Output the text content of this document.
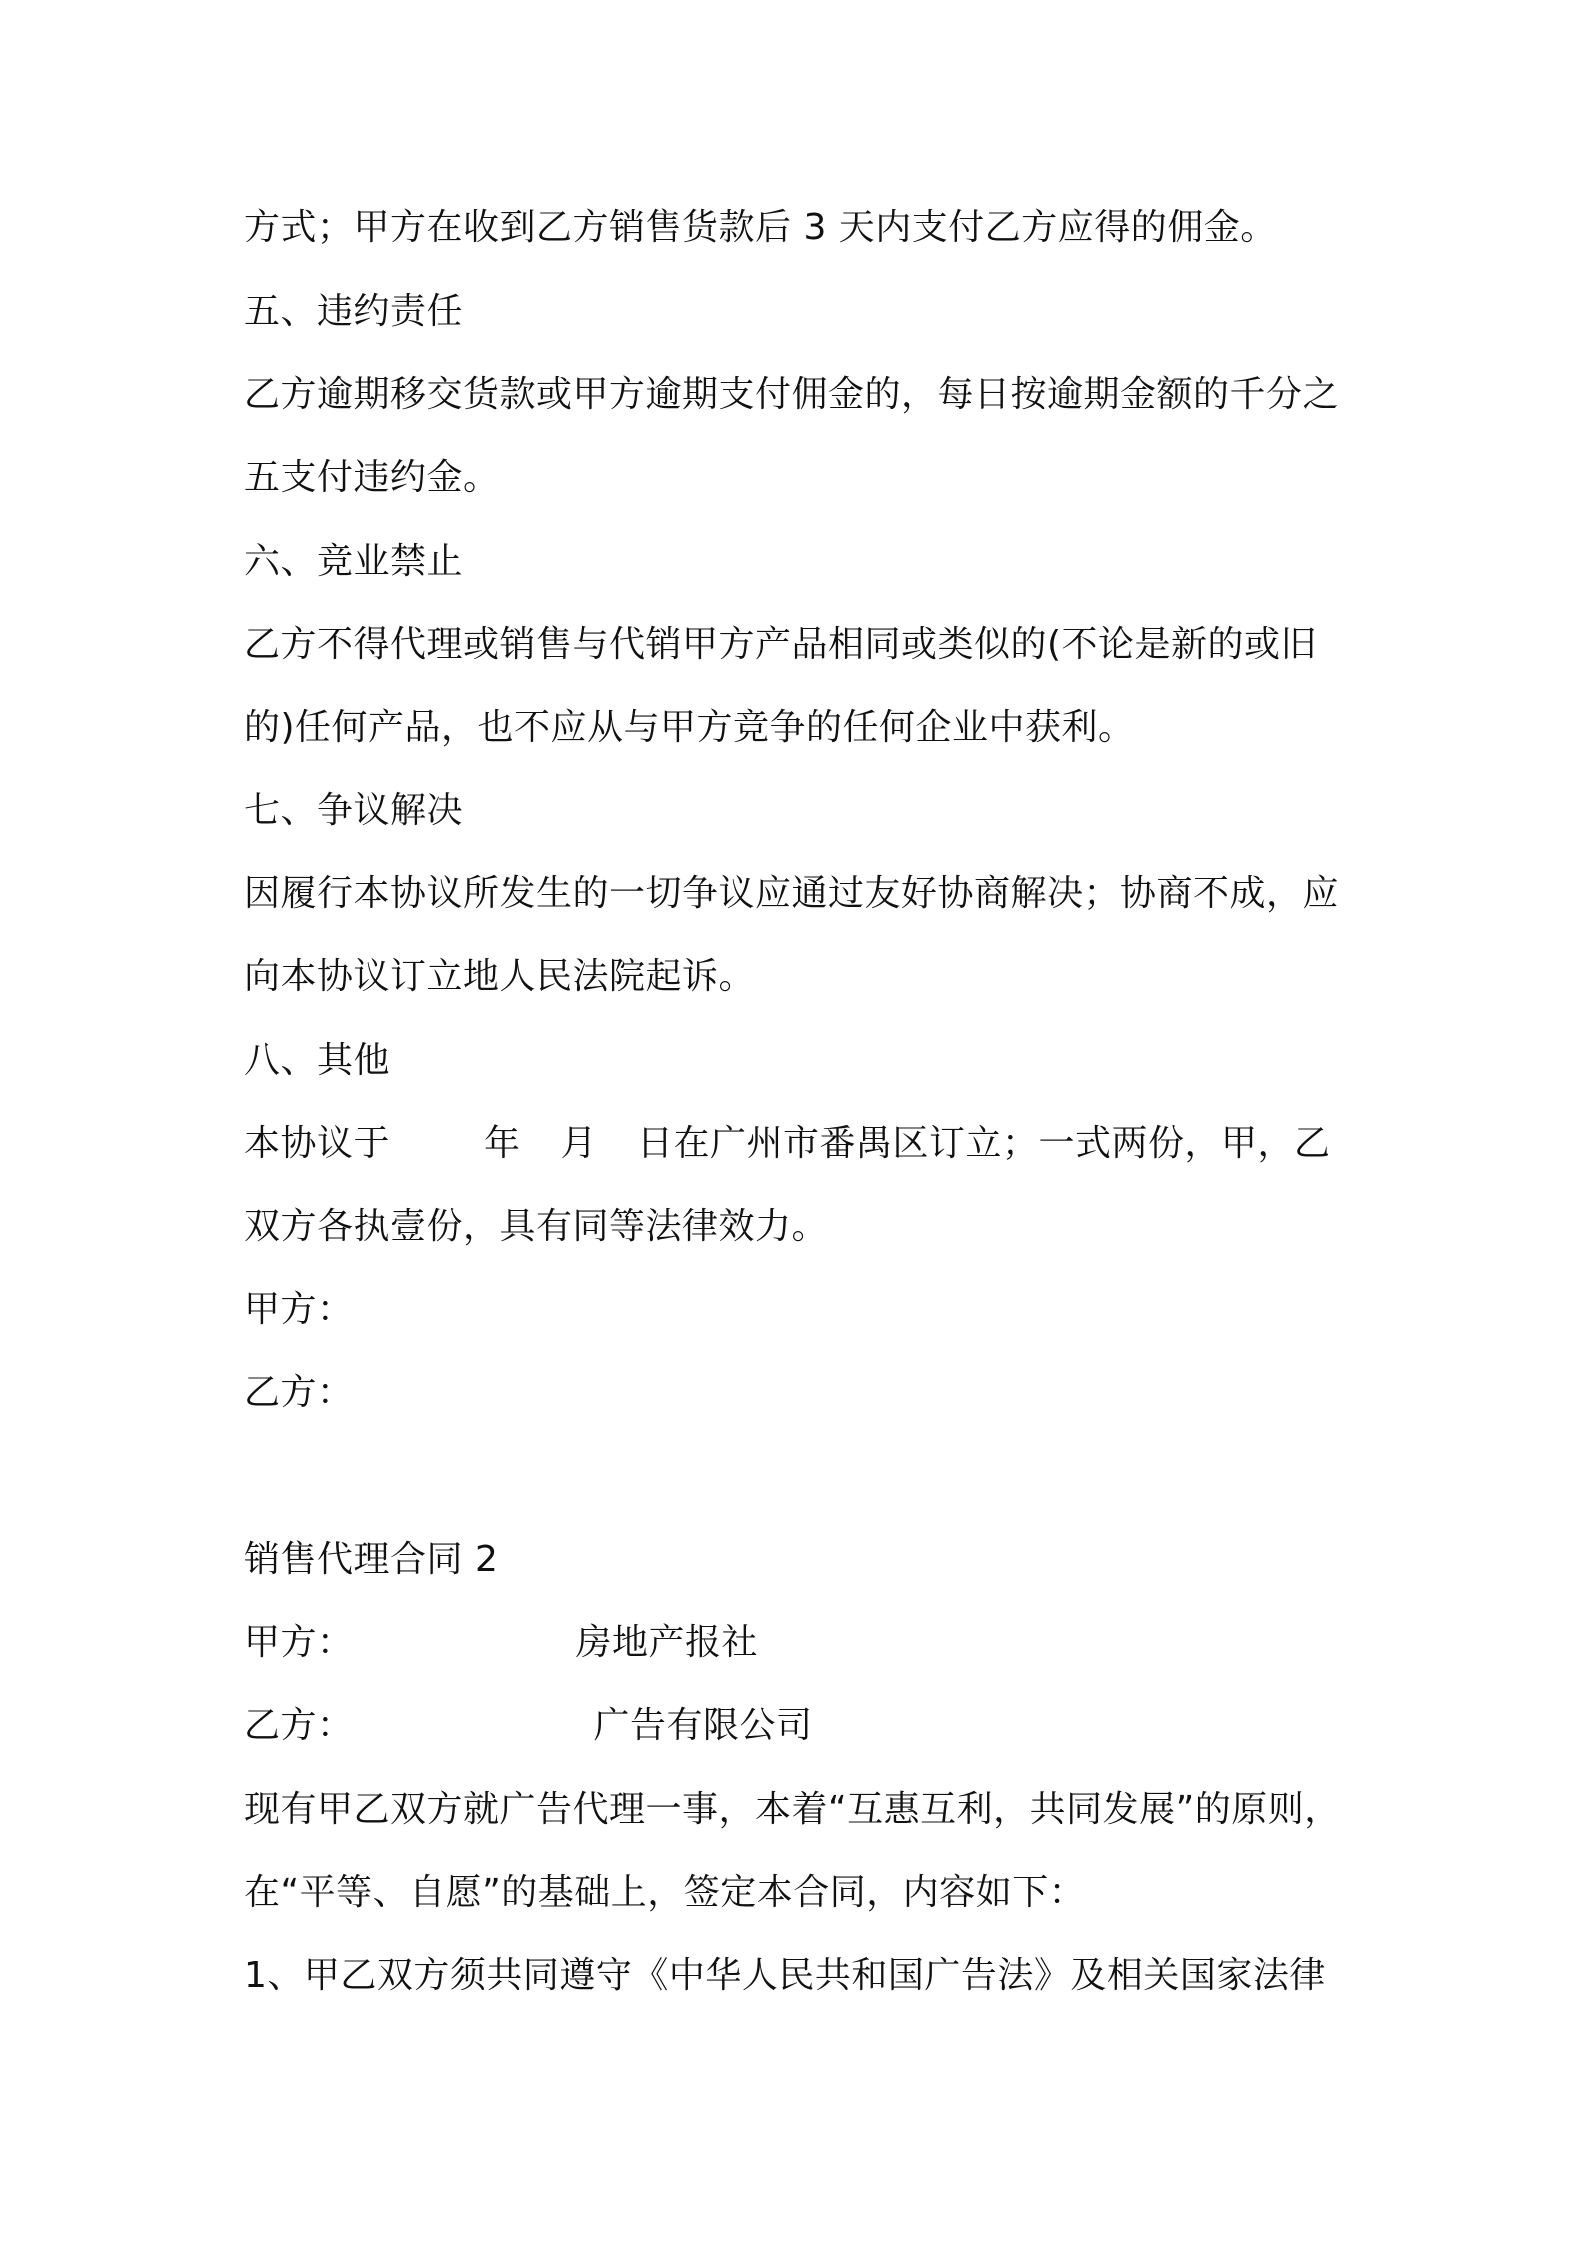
方式；甲方在收到乙方销售货款后 3 天内支付乙方应得的佣金。
五、违约责任
乙方逾期移交货款或甲方逾期支付佣金的，每日按逾期金额的千分之
五支付违约金。
六、竞业禁止
乙方不得代理或销售与代销甲方产品相同或类似的(不论是新的或旧
的)任何产品，也不应从与甲方竞争的任何企业中获利。
七、争议解决
因履行本协议所发生的一切争议应通过友好协商解决；协商不成，应
向本协议订立地人民法院起诉。
八、其他
本协议于	年 月 日在广州市番禺区订立；一式两份，甲，乙
双方各执壹份，具有同等法律效力。
甲方：
乙方：
销售代理合同 2
甲方：	房地产报社
乙方：	广告有限公司
现有甲乙双方就广告代理一事，本着“互惠互利，共同发展”的原则，
在“平等、自愿”的基础上，签定本合同，内容如下：
1、甲乙双方须共同遵守《中华人民共和国广告法》及相关国家法律
